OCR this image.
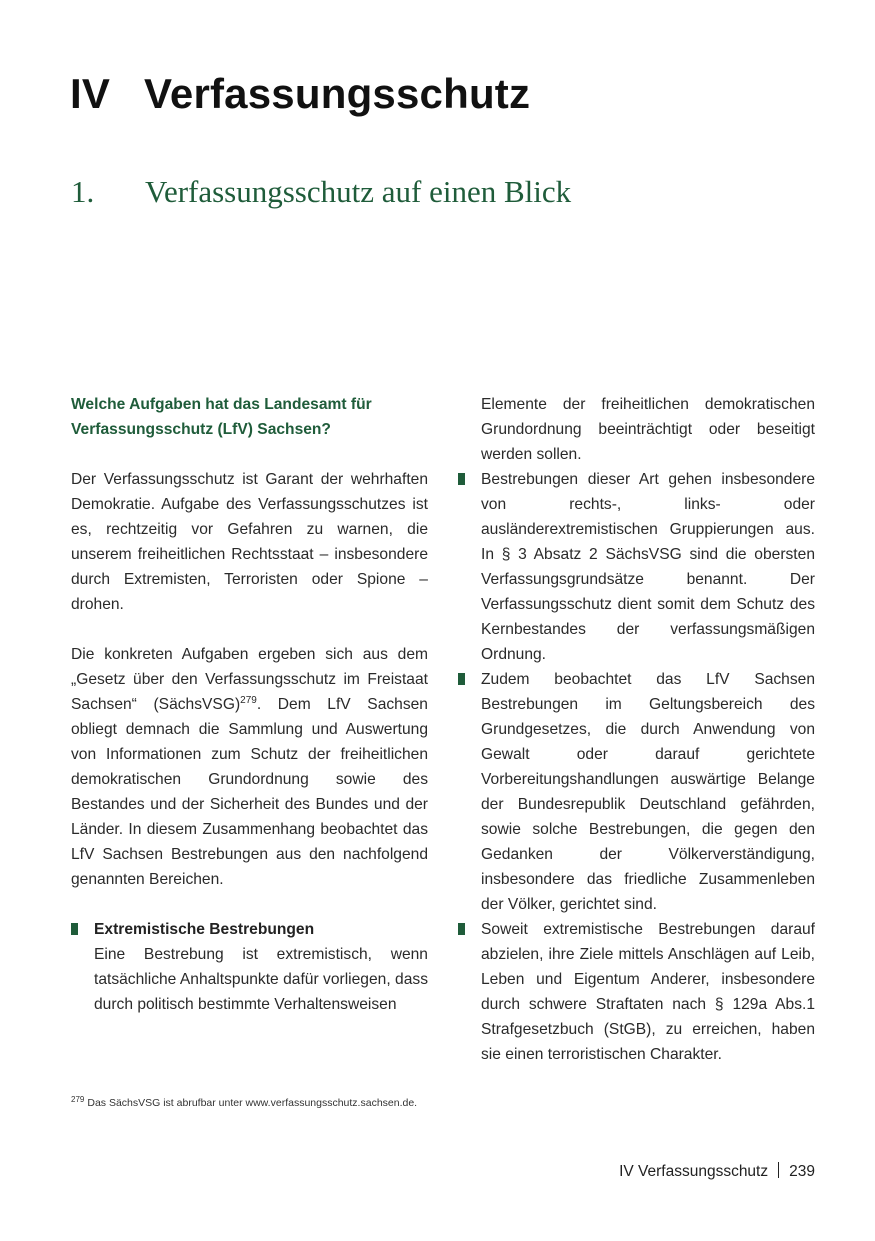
IV Verfassungsschutz
1. Verfassungsschutz auf einen Blick

Welche Aufgaben hat das Landesamt für Verfassungsschutz (LfV) Sachsen?

Der Verfassungsschutz ist Garant der wehrhaften Demokratie. Aufgabe des Verfassungsschutzes ist es, rechtzeitig vor Gefahren zu warnen, die unserem freiheitlichen Rechtsstaat – insbesondere durch Extremisten, Terroristen oder Spione – drohen.

Die konkreten Aufgaben ergeben sich aus dem „Gesetz über den Verfassungsschutz im Freistaat Sachsen“ (SächsVSG)$^{279}$. Dem LfV Sachsen obliegt demnach die Sammlung und Auswertung von Informationen zum Schutz der freiheitlichen demokratischen Grundordnung sowie des Bestandes und der Sicherheit des Bundes und der Länder. In diesem Zusammenhang beobachtet das LfV Sachsen Bestrebungen aus den nachfolgend genannten Bereichen.

Extremistische Bestrebungen

Eine Bestrebung ist extremistisch, wenn tatsächliche Anhaltspunkte dafür vorliegen, dass durch politisch bestimmte Verhaltensweisen

Elemente der freiheitlichen demokratischen Grundordnung beeinträchtigt oder beseitigt werden sollen.

Bestrebungen dieser Art gehen insbesondere von rechts-, links- oder ausländerextremistischen Gruppierungen aus. In § 3 Absatz 2 SächsVSG sind die obersten Verfassungsgrundsätze benannt. Der Verfassungsschutz dient somit dem Schutz des Kernbestandes der verfassungsmäßigen Ordnung.

Zudem beobachtet das LfV Sachsen Bestrebungen im Geltungsbereich des Grundgesetzes, die durch Anwendung von Gewalt oder darauf gerichtete Vorbereitungshandlungen auswärtige Belange der Bundesrepublik Deutschland gefährden, sowie solche Bestrebungen, die gegen den Gedanken der Völkerverständigung, insbesondere das friedliche Zusammenleben der Völker, gerichtet sind.

Soweit extremistische Bestrebungen darauf abzielen, ihre Ziele mittels Anschlägen auf Leib, Leben und Eigentum Anderer, insbesondere durch schwere Straftaten nach § 129a Abs.1 Strafgesetzbuch (StGB), zu erreichen, haben sie einen terroristischen Charakter.

$^{279}$ Das SächsVSG ist abrufbar unter www.verfassungsschutz.sachsen.de.
IV Verfassungsschutz 239
